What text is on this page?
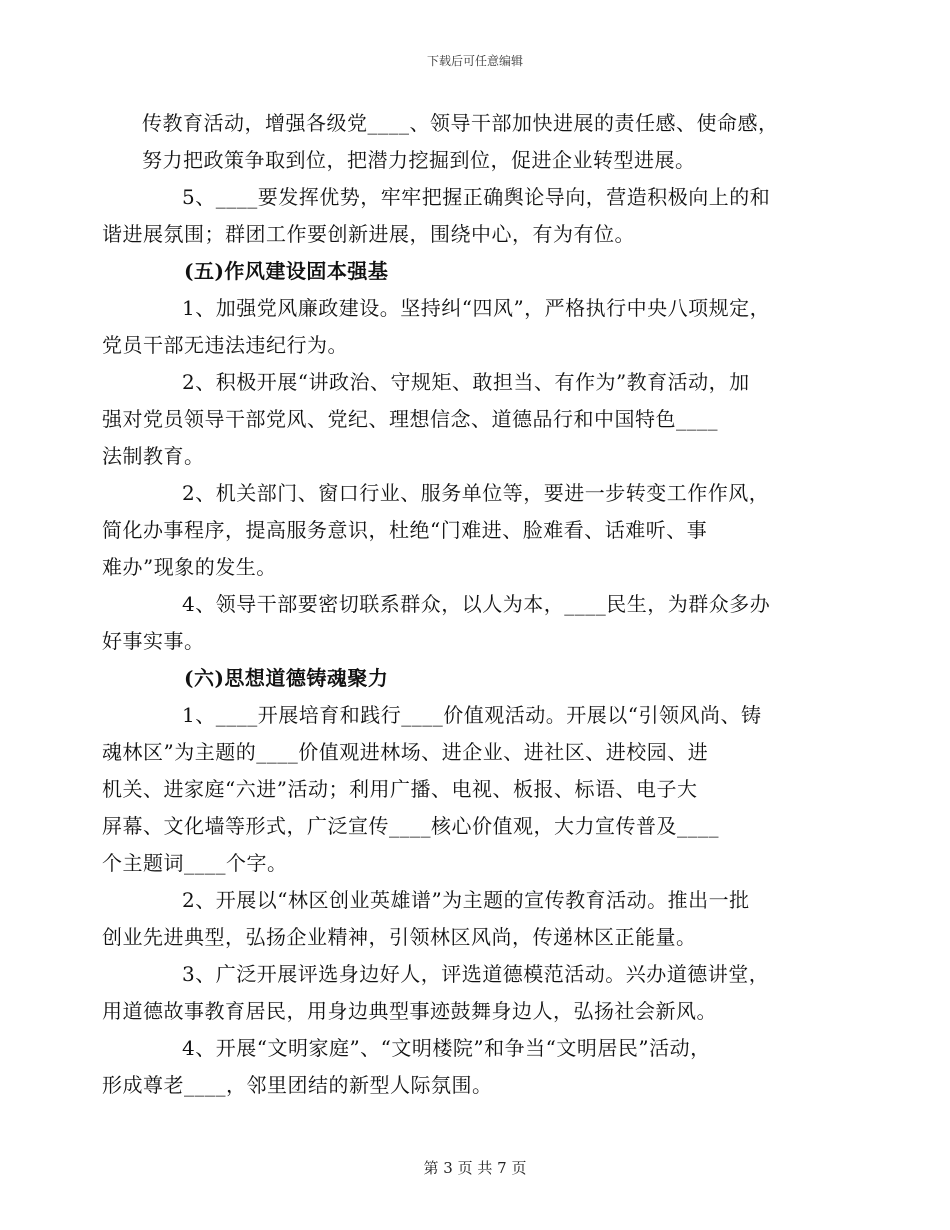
下载后可任意编辑

传教育活动，增强各级党____、领导干部加快进展的责任感、使命感，
努力把政策争取到位，把潜力挖掘到位，促进企业转型进展。

5、____要发挥优势，牢牢把握正确舆论导向，营造积极向上的和
谐进展氛围；群团工作要创新进展，围绕中心，有为有位。

(五)作风建设固本强基

1、加强党风廉政建设。坚持纠“四风”，严格执行中央八项规定，
党员干部无违法违纪行为。

2、积极开展“讲政治、守规矩、敢担当、有作为”教育活动，加
强对党员领导干部党风、党纪、理想信念、道德品行和中国特色____
法制教育。

2、机关部门、窗口行业、服务单位等，要进一步转变工作作风，
简化办事程序，提高服务意识，杜绝“门难进、脸难看、话难听、事
难办”现象的发生。

4、领导干部要密切联系群众，以人为本，____民生，为群众多办
好事实事。

(六)思想道德铸魂聚力

1、____开展培育和践行____价值观活动。开展以“引领风尚、铸
魂林区”为主题的____价值观进林场、进企业、进社区、进校园、进
机关、进家庭“六进”活动；利用广播、电视、板报、标语、电子大
屏幕、文化墙等形式，广泛宣传____核心价值观，大力宣传普及____
个主题词____个字。

2、开展以“林区创业英雄谱”为主题的宣传教育活动。推出一批
创业先进典型，弘扬企业精神，引领林区风尚，传递林区正能量。

3、广泛开展评选身边好人，评选道德模范活动。兴办道德讲堂，
用道德故事教育居民，用身边典型事迹鼓舞身边人，弘扬社会新风。

4、开展“文明家庭”、“文明楼院”和争当“文明居民”活动，
形成尊老____，邻里团结的新型人际氛围。

第 3 页 共 7 页
